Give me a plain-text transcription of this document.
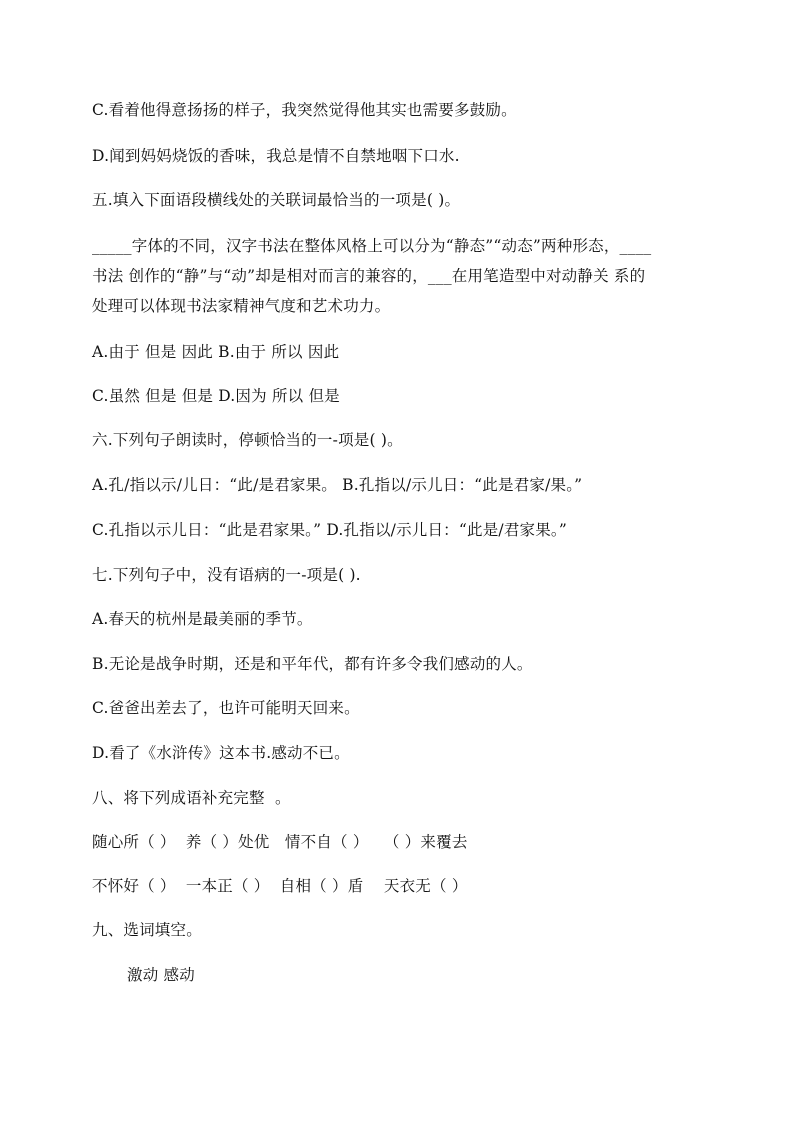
C.看着他得意扬扬的样子，我突然觉得他其实也需要多鼓励。
D.闻到妈妈烧饭的香味，我总是情不自禁地咽下口水.
五.填入下面语段横线处的关联词最恰当的一项是( )。
_____字体的不同，汉字书法在整体风格上可以分为“静态”“动态”两种形态，____
书法 创作的“静”与“动”却是相对而言的兼容的，___在用笔造型中对动静关 系的
处理可以体现书法家精神气度和艺术功力。
A.由于 但是 因此 B.由于 所以 因此
C.虽然 但是 但是 D.因为 所以 但是
六.下列句子朗读时，停顿恰当的一-项是( )。
A.孔/指以示/儿日：“此/是君家果。 B.孔指以/示儿日：“此是君家/果。”
C.孔指以示儿日：“此是君家果。” D.孔指以/示儿日：“此是/君家果。”
七.下列句子中，没有语病的一-项是( ).
A.春天的杭州是最美丽的季节。
B.无论是战争时期，还是和平年代，都有许多令我们感动的人。
C.爸爸出差去了，也许可能明天回来。
D.看了《水浒传》这本书.感动不已。
八、将下列成语补充完整  。
随心所（ ）  养（ ）处优   情不自（ ）   （ ）来覆去
不怀好（ ）  一本正（ ）  自相（ ）盾    天衣无（ ）
九、选词填空。
激动 感动
